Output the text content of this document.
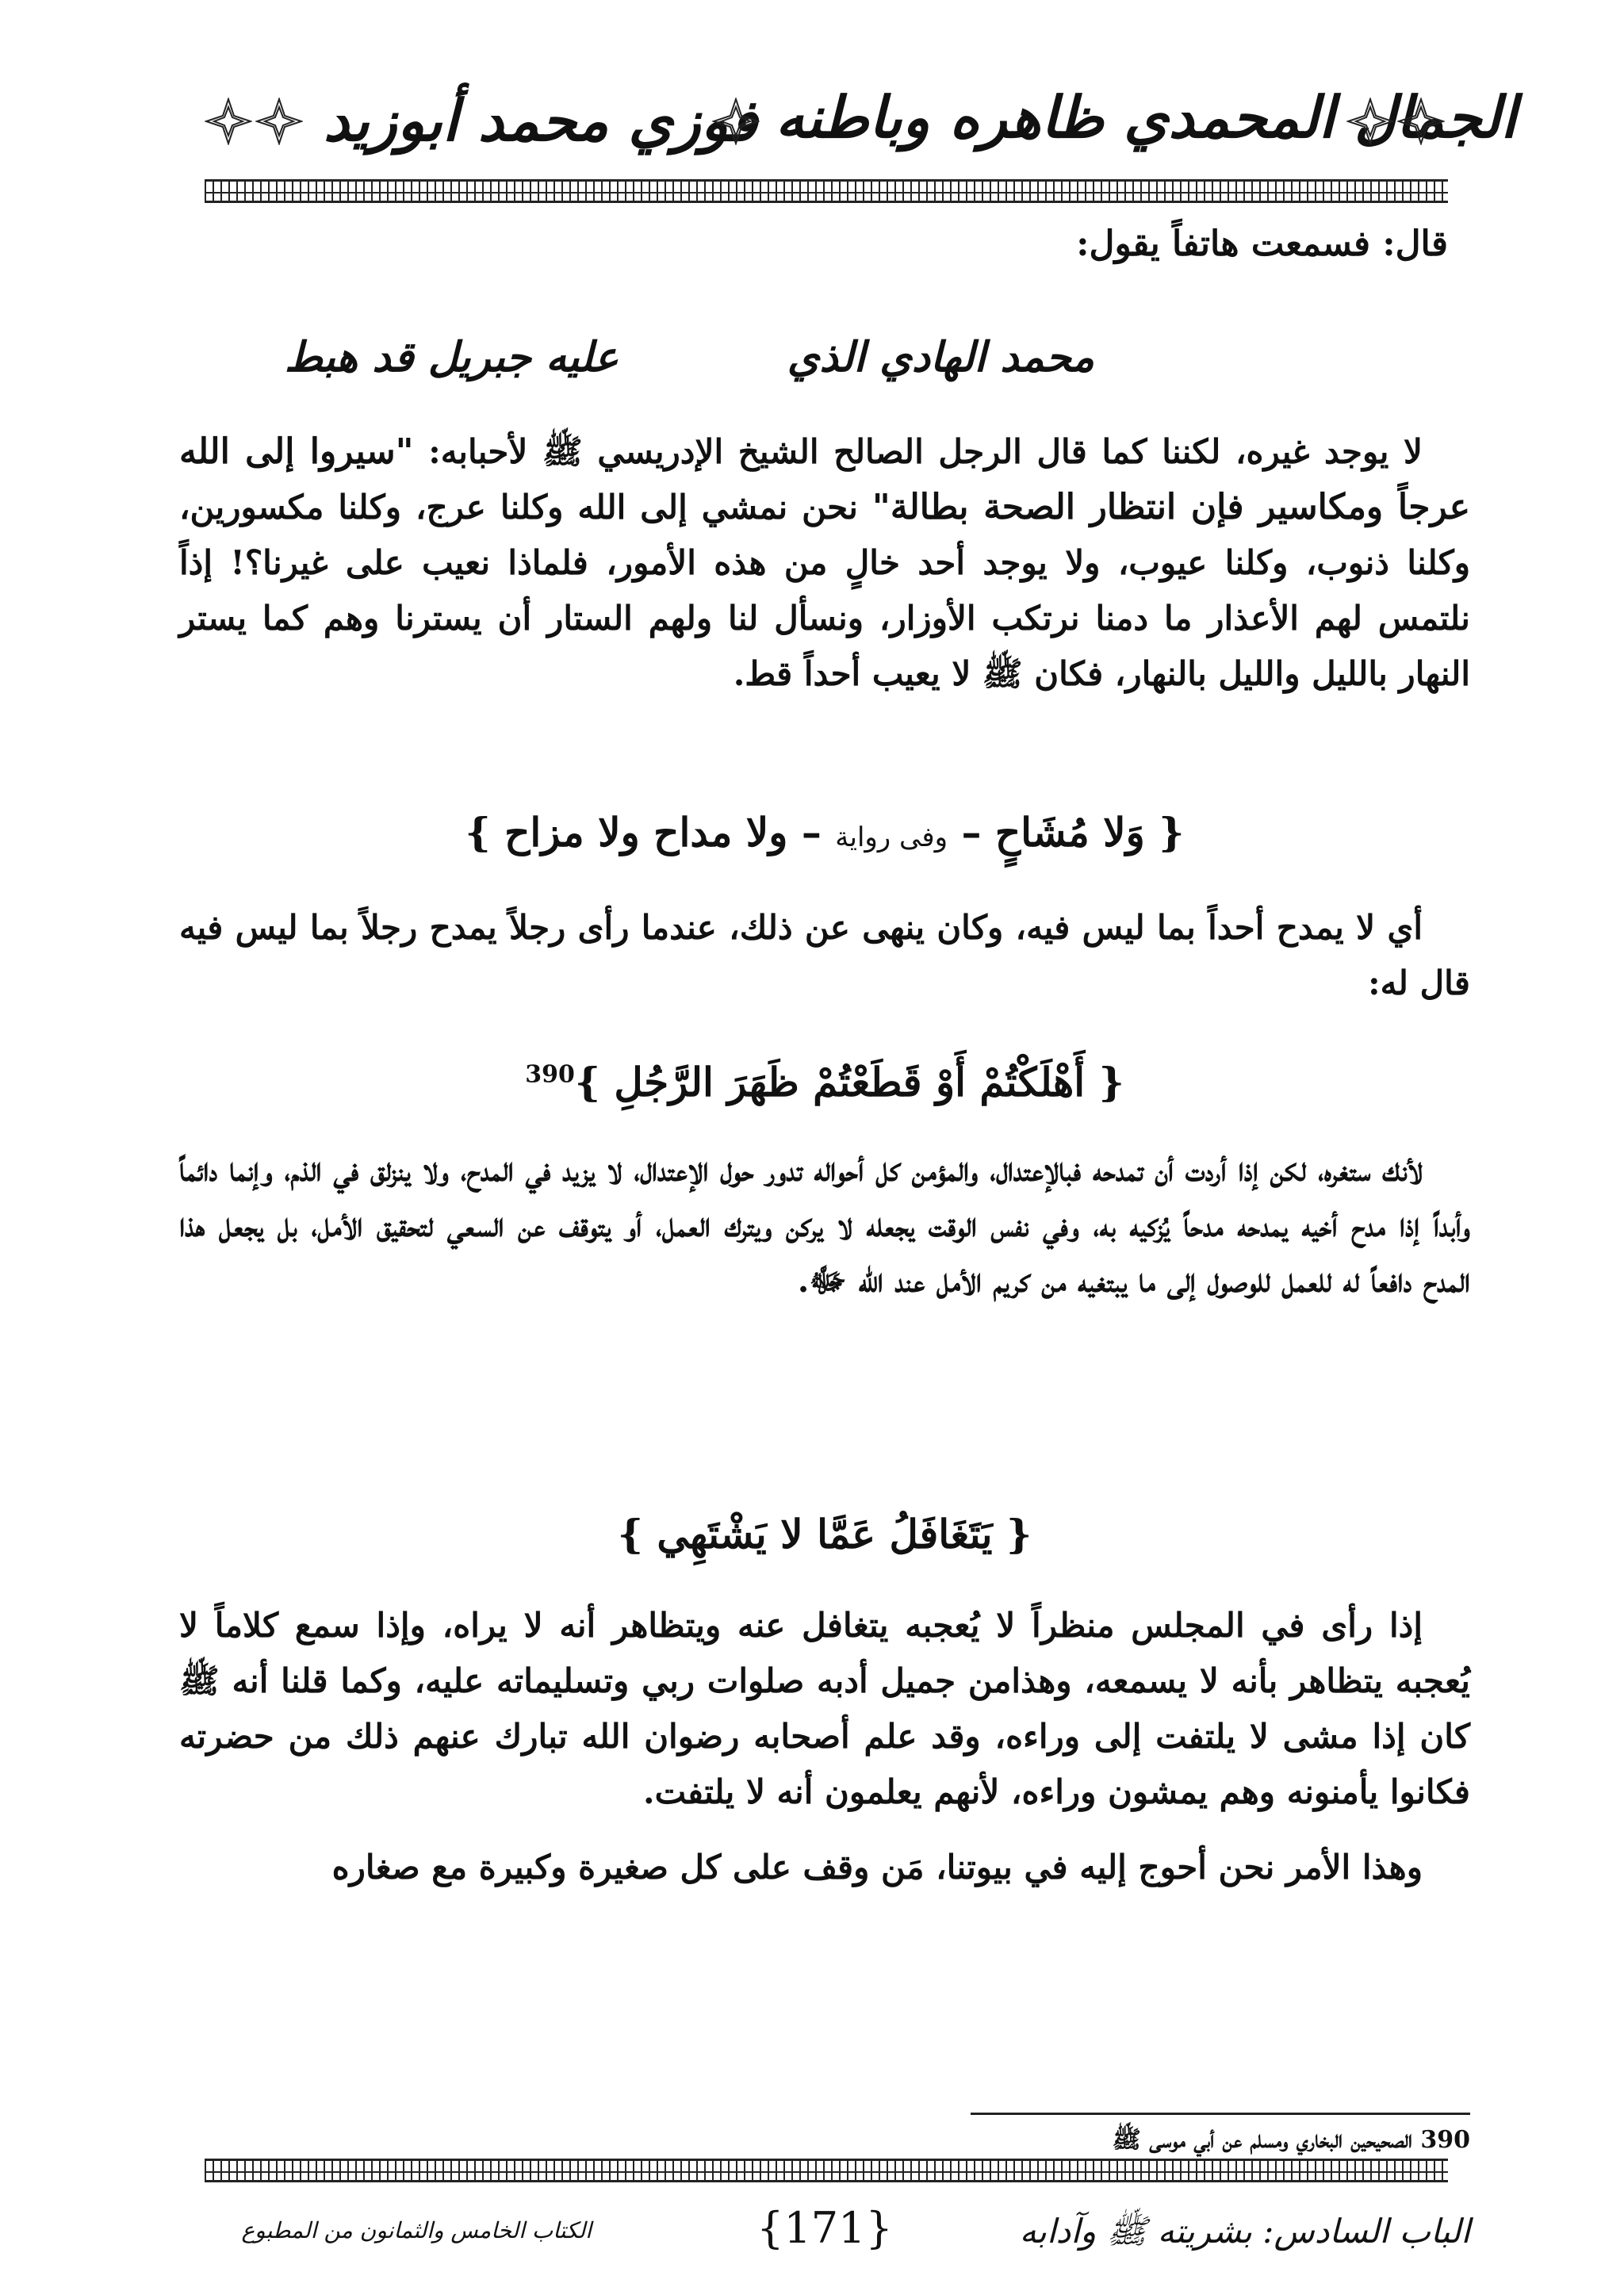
فوزي محمد أبوزيد الجمال المحمدي ظاهره وباطنه
قال: فسمعت هاتفاً يقول:
محمد الهادي الذي
عليه جبريل قد هبط
لا يوجد غيره، لكننا كما قال الرجل الصالح الشيخ الإدريسي ﷺ لأحبابه: "سيروا إلى الله عرجاً ومكاسير فإن انتظار الصحة بطالة" نحن نمشي إلى الله وكلنا عرج، وكلنا مكسورين، وكلنا ذنوب، وكلنا عيوب، ولا يوجد أحد خالٍ من هذه الأمور، فلماذا نعيب على غيرنا؟! إذاً نلتمس لهم الأعذار ما دمنا نرتكب الأوزار، ونسأل لنا ولهم الستار أن يسترنا وهم كما يستر النهار بالليل والليل بالنهار، فكان ﷺ لا يعيب أحداً قط.
{ وَلا مُشَاحٍ – وفى رواية – ولا مداح ولا مزاح }
أي لا يمدح أحداً بما ليس فيه، وكان ينهى عن ذلك، عندما رأى رجلاً يمدح رجلاً بما ليس فيه قال له:
{ أَهْلَكْتُمْ أَوْ قَطَعْتُمْ ظَهَرَ الرَّجُلِ }$^{390}$
لأنك ستغره، لكن إذا أردت أن تمدحه فبالإعتدال، والمؤمن كل أحواله تدور حول الإعتدال، لا يزيد في المدح، ولا ينزلق في الذم، وإنما دائماً وأبداً إذا مدح أخيه يمدحه مدحاً يُزكيه به، وفي نفس الوقت يجعله لا يركن ويترك العمل، أو يتوقف عن السعي لتحقيق الأمل، بل يجعل هذا المدح دافعاً له للعمل للوصول إلى ما يبتغيه من كريم الأمل عند الله ﷻ.
{ يَتَغَافَلُ عَمَّا لا يَشْتَهِي }
إذا رأى في المجلس منظراً لا يُعجبه يتغافل عنه ويتظاهر أنه لا يراه، وإذا سمع كلاماً لا يُعجبه يتظاهر بأنه لا يسمعه، وهذامن جميل أدبه صلوات ربي وتسليماته عليه، وكما قلنا أنه ﷺ كان إذا مشى لا يلتفت إلى وراءه، وقد علم أصحابه رضوان الله تبارك عنهم ذلك من حضرته فكانوا يأمنونه وهم يمشون وراءه، لأنهم يعلمون أنه لا يلتفت.
وهذا الأمر نحن أحوج إليه في بيوتنا، مَن وقف على كل صغيرة وكبيرة مع صغاره
390 الصحيحين البخاري ومسلم عن أبي موسى ﷺ
الباب السادس: بشريته ﷺ وآدابه
{171}
الكتاب الخامس والثمانون من المطبوع
